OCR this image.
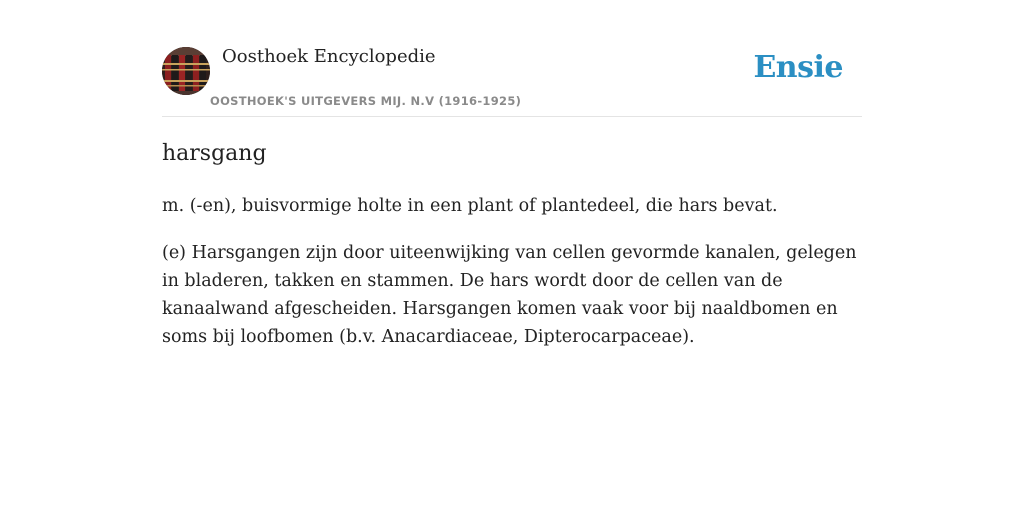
Oosthoek Encyclopedie
OOSTHOEK'S UITGEVERS MIJ. N.V (1916-1925)
Ensie
harsgang

m. (-en), buisvormige holte in een plant of plantedeel, die hars bevat.

(e) Harsgangen zijn door uiteenwijking van cellen gevormde kanalen, gelegen in bladeren, takken en stammen. De hars wordt door de cellen van de kanaalwand afgescheiden. Harsgangen komen vaak voor bij naaldbomen en soms bij loofbomen (b.v. Anacardiaceae, Dipterocarpaceae).
